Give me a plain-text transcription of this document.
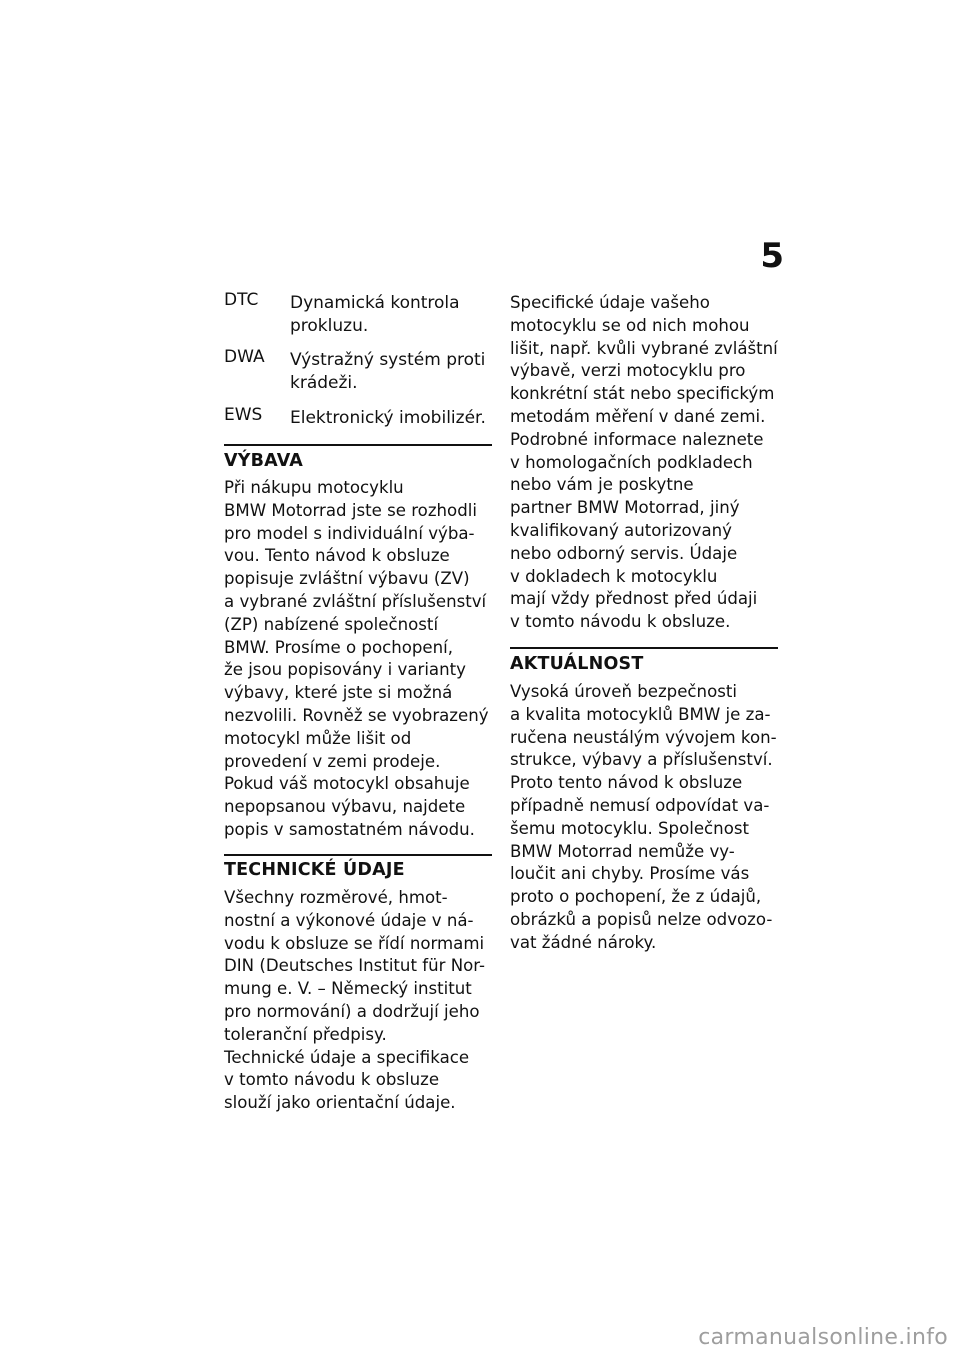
5
DTC Dynamická kontrola
prokluzu.
DWA Výstražný systém proti
krádeži.
EWS Elektronický imobilizér.
VÝBAVA
Při nákupu motocyklu
BMW Motorrad jste se rozhodli
pro model s individuální výba-
vou. Tento návod k obsluze
popisuje zvláštní výbavu (ZV)
a vybrané zvláštní příslušenství
(ZP) nabízené společností
BMW. Prosíme o pochopení,
že jsou popisovány i varianty
výbavy, které jste si možná
nezvolili. Rovněž se vyobrazený
motocykl může lišit od
provedení v zemi prodeje.
Pokud váš motocykl obsahuje
nepopsanou výbavu, najdete
popis v samostatném návodu.
TECHNICKÉ ÚDAJE
Všechny rozměrové, hmot-
nostní a výkonové údaje v ná-
vodu k obsluze se řídí normami
DIN (Deutsches Institut für Nor-
mung e. V. – Německý institut
pro normování) a dodržují jeho
toleranční předpisy.
Technické údaje a specifikace
v tomto návodu k obsluze
slouží jako orientační údaje.
Specifické údaje vašeho
motocyklu se od nich mohou
lišit, např. kvůli vybrané zvláštní
výbavě, verzi motocyklu pro
konkrétní stát nebo specifickým
metodám měření v dané zemi.
Podrobné informace naleznete
v homologačních podkladech
nebo vám je poskytne
partner BMW Motorrad, jiný
kvalifikovaný autorizovaný
nebo odborný servis. Údaje
v dokladech k motocyklu
mají vždy přednost před údaji
v tomto návodu k obsluze.
AKTUÁLNOST
Vysoká úroveň bezpečnosti
a kvalita motocyklů BMW je za-
ručena neustálým vývojem kon-
strukce, výbavy a příslušenství.
Proto tento návod k obsluze
případně nemusí odpovídat va-
šemu motocyklu. Společnost
BMW Motorrad nemůže vy-
loučit ani chyby. Prosíme vás
proto o pochopení, že z údajů,
obrázků a popisů nelze odvozo-
vat žádné nároky.
carmanualsonline.info
